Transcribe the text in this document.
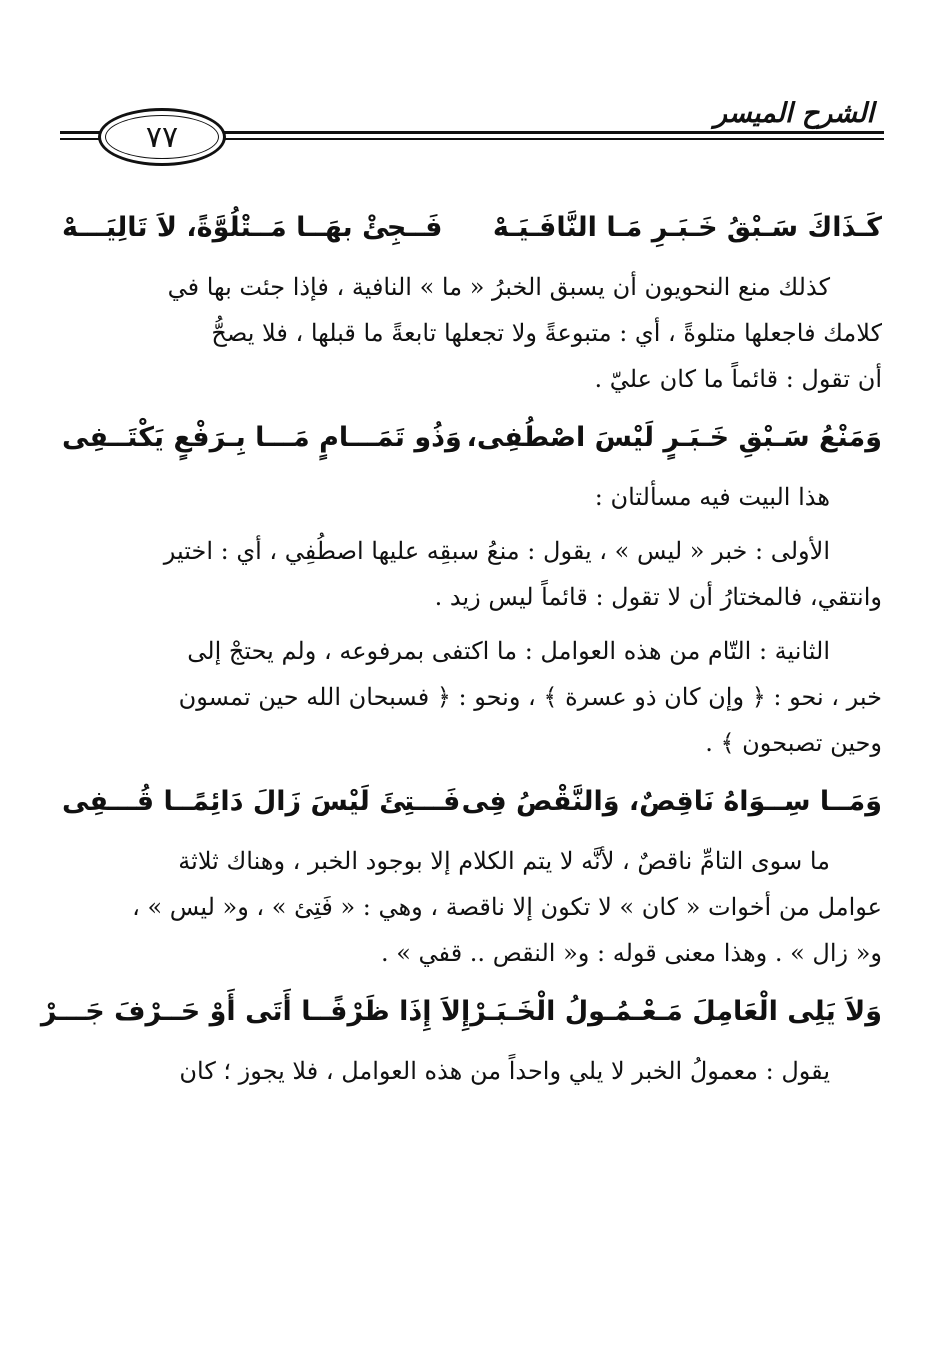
الشرح الميسر
٧٧
كَـذَاكَ سَـبْقُ خَـبَـرِ مَـا النَّافَـيَـهْ
فَــجِئْ بهَــا مَــتْلُوَّةً، لاَ تَالِيَـــهْ
كذلك منع النحويون أن يسبق الخبرُ « ما » النافية ، فإذا جئت بها في
كلامك فاجعلها متلوةً ، أي : متبوعةً ولا تجعلها تابعةً ما قبلها ، فلا يصحُّ
أن تقول : قائماً ما كان عليّ .
وَمَنْعُ سَـبْقِ خَـبَـرٍ لَيْسَ اصْطُفِى،
وَذُو تَمَـــامٍ مَـــا بِـرَفْعٍ يَكْتَــفِى
هذا البيت فيه مسألتان :
الأولى : خبر « ليس » ، يقول : منعُ سبقِه عليها اصطُفِي ، أي : اختير
وانتقي، فالمختارُ أن لا تقول : قائماً ليس زيد .
الثانية : التّام من هذه العوامل : ما اكتفى بمرفوعه ، ولم يحتجْ إلى
خبر ، نحو : ﴿ وإن كان ذو عسرة ﴾ ، ونحو : ﴿ فسبحان الله حين تمسون
وحين تصبحون ﴾ .
وَمَــا سِــوَاهُ نَاقِصٌ، وَالنَّقْصُ فِى
فَـــتِئَ لَيْسَ زَالَ دَائِمًــا قُـــفِى
ما سوى التامِّ ناقصٌ ، لأنَّه لا يتم الكلام إلا بوجود الخبر ، وهناك ثلاثة
عوامل من أخوات « كان » لا تكون إلا ناقصة ، وهي : « فَتِئ » ، و« ليس » ،
و« زال » . وهذا معنى قوله : و« النقص .. قفي » .
وَلاَ يَلِى الْعَامِلَ مَـعْـمُـولُ الْخَـبَـرْ
إِلاَ إِذَا ظَرْفًــا أَتَى أَوْ حَــرْفَ جَـــرْ
يقول : معمولُ الخبر لا يلي واحداً من هذه العوامل ، فلا يجوز ؛ كان
